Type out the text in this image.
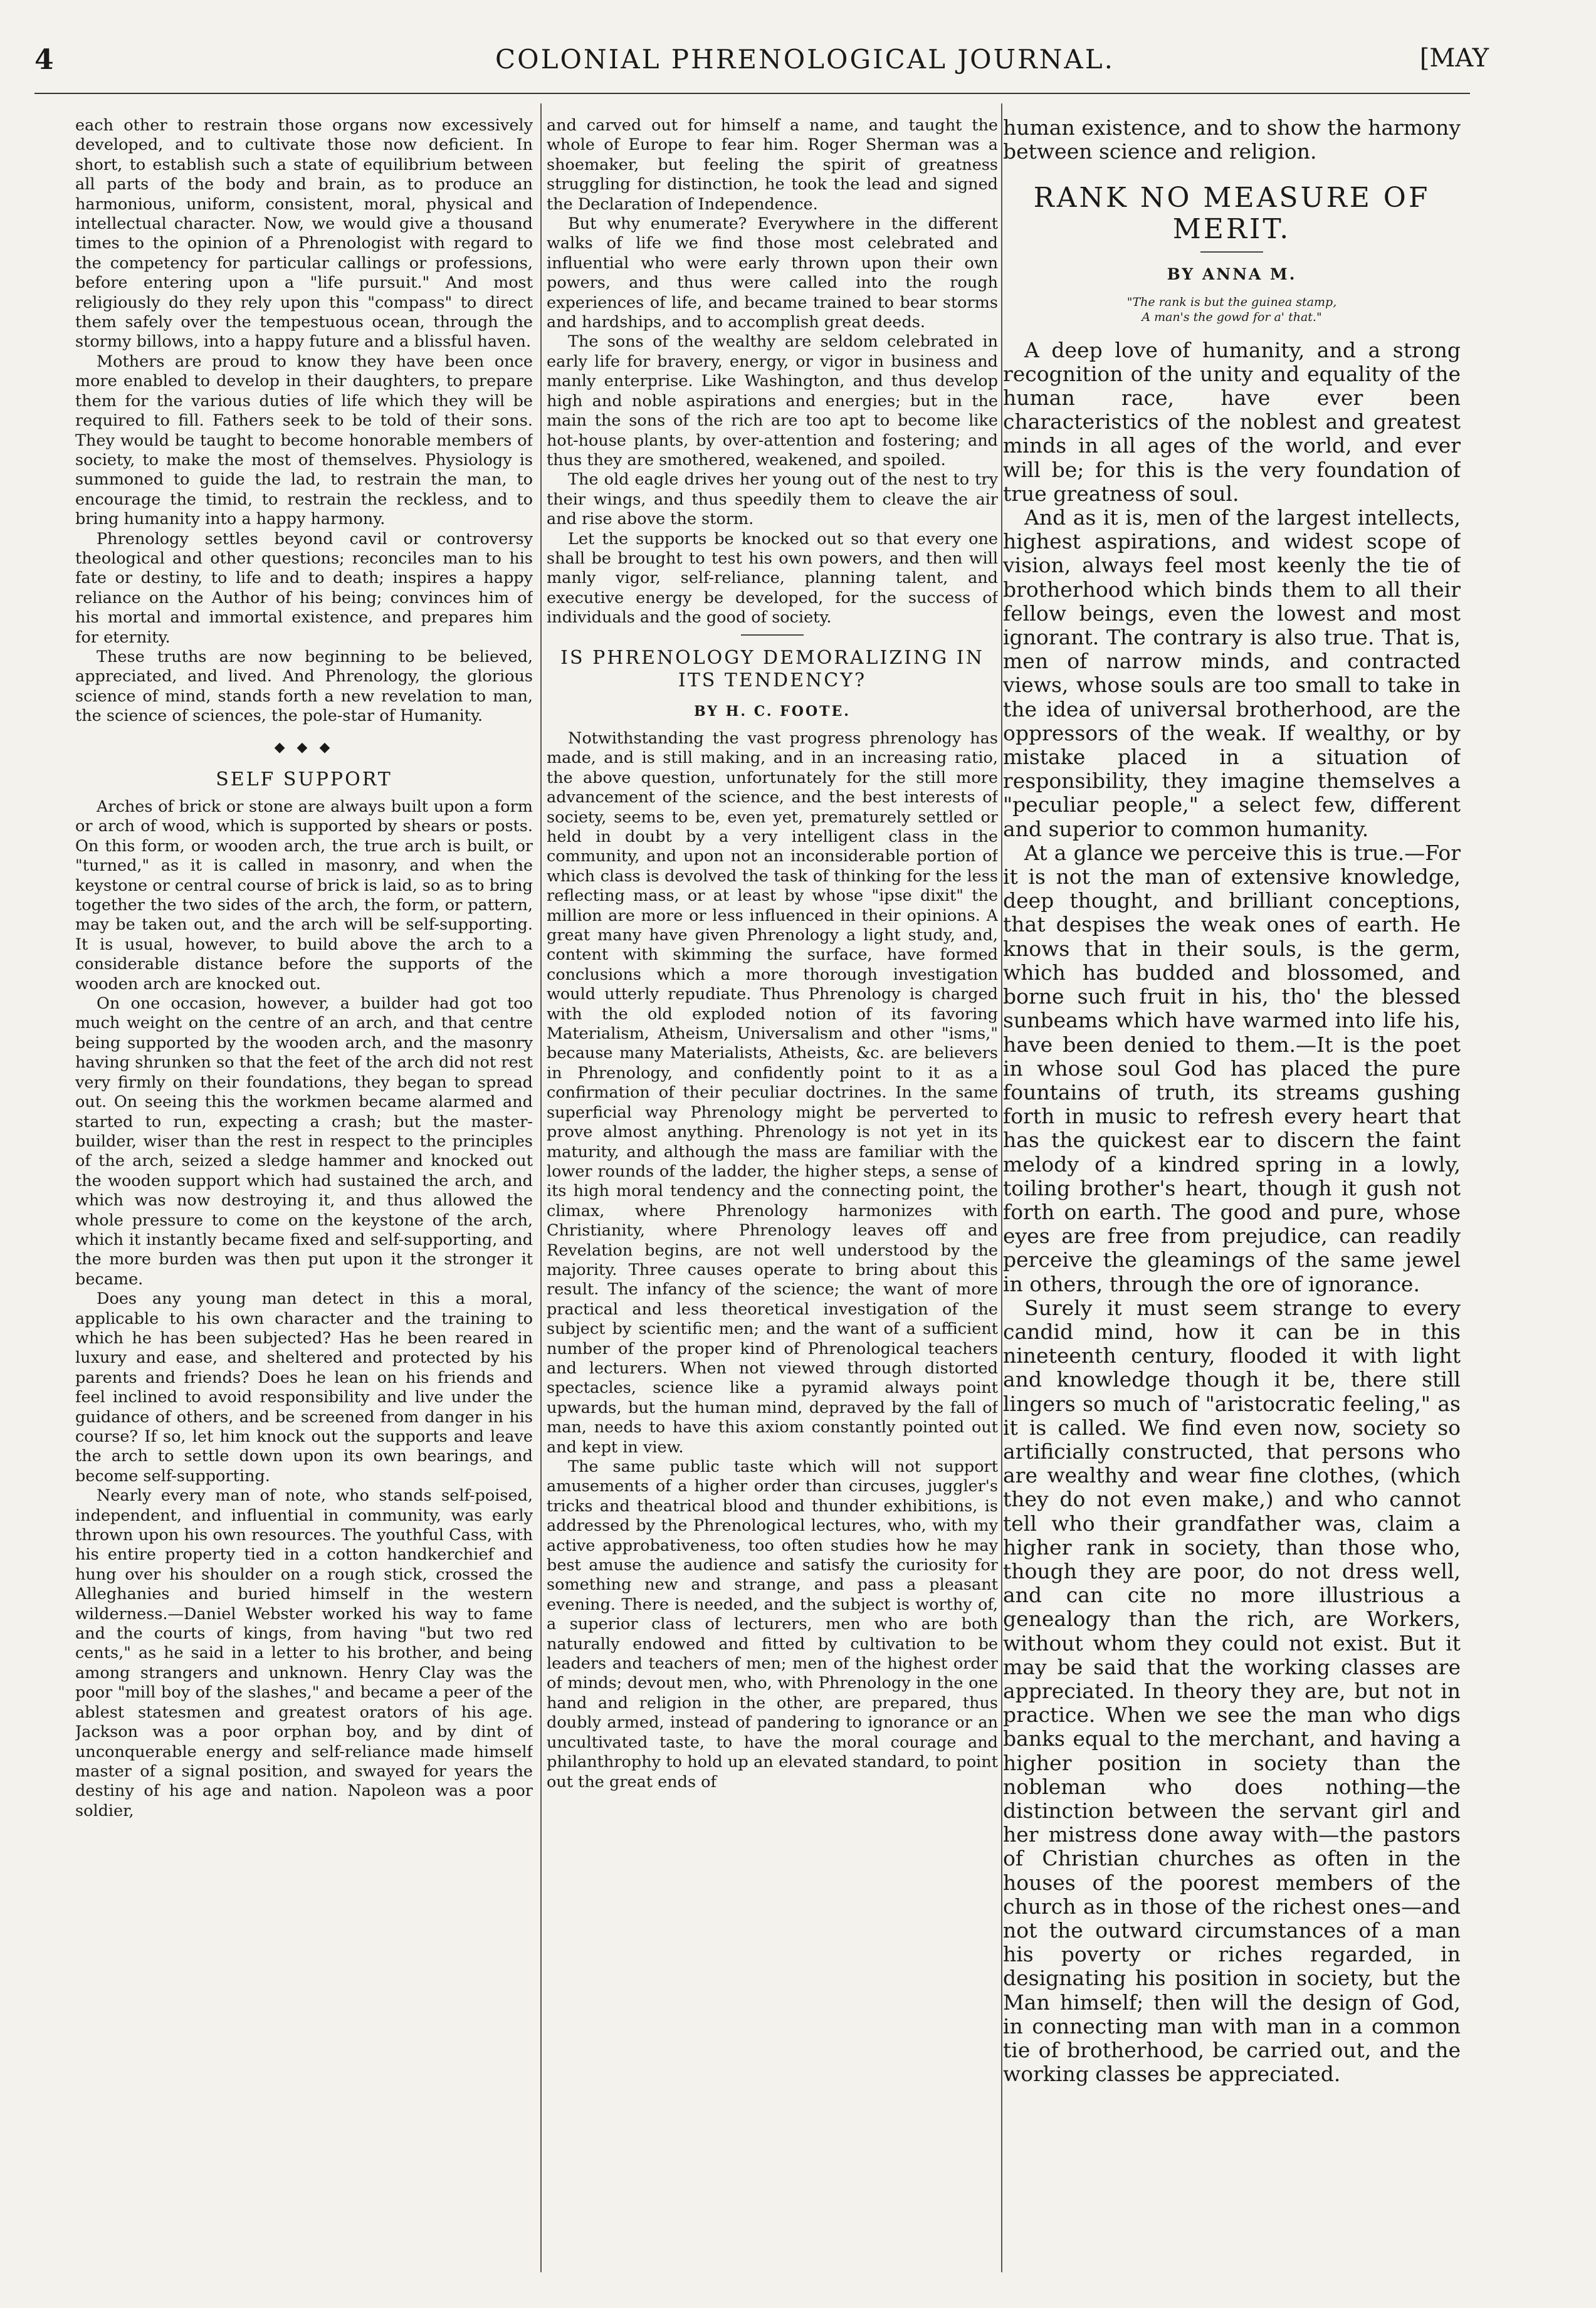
4	COLONIAL PHRENOLOGICAL JOURNAL.	[MAY

each other to restrain those organs now excessively developed, and to cultivate those now deficient. In short, to establish such a state of equilibrium between all parts of the body and brain, as to produce an harmonious, uniform, consistent, moral, physical and intellectual character. Now, we would give a thousand times to the opinion of a Phrenologist with regard to the competency for particular callings or professions, before entering upon a "life pursuit." And most religiously do they rely upon this "compass" to direct them safely over the tempestuous ocean, through the stormy billows, into a happy future and a blissful haven.

Mothers are proud to know they have been once more enabled to develop in their daughters, to prepare them for the various duties of life which they will be required to fill. Fathers seek to be told of their sons. They would be taught to become honorable members of society, to make the most of themselves. Physiology is summoned to guide the lad, to restrain the man, to encourage the timid, to restrain the reckless, and to bring humanity into a happy harmony.

Phrenology settles beyond cavil or controversy theological and other questions; reconciles man to his fate or destiny, to life and to death; inspires a happy reliance on the Author of his being; convinces him of his mortal and immortal existence, and prepares him for eternity.

These truths are now beginning to be believed, appreciated, and lived. And Phrenology, the glorious science of mind, stands forth a new revelation to man, the science of sciences, the pole-star of Humanity.

◆ ◆ ◆
SELF SUPPORT

Arches of brick or stone are always built upon a form or arch of wood, which is supported by shears or posts. On this form, or wooden arch, the true arch is built, or "turned," as it is called in masonry, and when the keystone or central course of brick is laid, so as to bring together the two sides of the arch, the form, or pattern, may be taken out, and the arch will be self-supporting. It is usual, however, to build above the arch to a considerable distance before the supports of the wooden arch are knocked out.

On one occasion, however, a builder had got too much weight on the centre of an arch, and that centre being supported by the wooden arch, and the masonry having shrunken so that the feet of the arch did not rest very firmly on their foundations, they began to spread out. On seeing this the workmen became alarmed and started to run, expecting a crash; but the master-builder, wiser than the rest in respect to the principles of the arch, seized a sledge hammer and knocked out the wooden support which had sustained the arch, and which was now destroying it, and thus allowed the whole pressure to come on the keystone of the arch, which it instantly became fixed and self-supporting, and the more burden was then put upon it the stronger it became.

Does any young man detect in this a moral, applicable to his own character and the training to which he has been subjected? Has he been reared in luxury and ease, and sheltered and protected by his parents and friends? Does he lean on his friends and feel inclined to avoid responsibility and live under the guidance of others, and be screened from danger in his course? If so, let him knock out the supports and leave the arch to settle down upon its own bearings, and become self-supporting.

Nearly every man of note, who stands self-poised, independent, and influential in community, was early thrown upon his own resources. The youthful Cass, with his entire property tied in a cotton handkerchief and hung over his shoulder on a rough stick, crossed the Alleghanies and buried himself in the western wilderness.—Daniel Webster worked his way to fame and the courts of kings, from having "but two red cents," as he said in a letter to his brother, and being among strangers and unknown. Henry Clay was the poor "mill boy of the slashes," and became a peer of the ablest statesmen and greatest orators of his age. Jackson was a poor orphan boy, and by dint of unconquerable energy and self-reliance made himself master of a signal position, and swayed for years the destiny of his age and nation. Napoleon was a poor soldier,

and carved out for himself a name, and taught the whole of Europe to fear him. Roger Sherman was a shoemaker, but feeling the spirit of greatness struggling for distinction, he took the lead and signed the Declaration of Independence.

But why enumerate? Everywhere in the different walks of life we find those most celebrated and influential who were early thrown upon their own powers, and thus were called into the rough experiences of life, and became trained to bear storms and hardships, and to accomplish great deeds.

The sons of the wealthy are seldom celebrated in early life for bravery, energy, or vigor in business and manly enterprise. Like Washington, and thus develop high and noble aspirations and energies; but in the main the sons of the rich are too apt to become like hot-house plants, by over-attention and fostering; and thus they are smothered, weakened, and spoiled.

The old eagle drives her young out of the nest to try their wings, and thus speedily them to cleave the air and rise above the storm.

Let the supports be knocked out so that every one shall be brought to test his own powers, and then will manly vigor, self-reliance, planning talent, and executive energy be developed, for the success of individuals and the good of society.

IS PHRENOLOGY DEMORALIZING IN ITS TENDENCY?
BY H. C. FOOTE.

Notwithstanding the vast progress phrenology has made, and is still making, and in an increasing ratio, the above question, unfortunately for the still more advancement of the science, and the best interests of society, seems to be, even yet, prematurely settled or held in doubt by a very intelligent class in the community, and upon not an inconsiderable portion of which class is devolved the task of thinking for the less reflecting mass, or at least by whose "ipse dixit" the million are more or less influenced in their opinions. A great many have given Phrenology a light study, and, content with skimming the surface, have formed conclusions which a more thorough investigation would utterly repudiate. Thus Phrenology is charged with the old exploded notion of its favoring Materialism, Atheism, Universalism and other "isms," because many Materialists, Atheists, &c. are believers in Phrenology, and confidently point to it as a confirmation of their peculiar doctrines. In the same superficial way Phrenology might be perverted to prove almost anything. Phrenology is not yet in its maturity, and although the mass are familiar with the lower rounds of the ladder, the higher steps, a sense of its high moral tendency and the connecting point, the climax, where Phrenology harmonizes with Christianity, where Phrenology leaves off and Revelation begins, are not well understood by the majority. Three causes operate to bring about this result. The infancy of the science; the want of more practical and less theoretical investigation of the subject by scientific men; and the want of a sufficient number of the proper kind of Phrenological teachers and lecturers. When not viewed through distorted spectacles, science like a pyramid always point upwards, but the human mind, depraved by the fall of man, needs to have this axiom constantly pointed out and kept in view.

The same public taste which will not support amusements of a higher order than circuses, juggler's tricks and theatrical blood and thunder exhibitions, is addressed by the Phrenological lectures, who, with my active approbativeness, too often studies how he may best amuse the audience and satisfy the curiosity for something new and strange, and pass a pleasant evening. There is needed, and the subject is worthy of, a superior class of lecturers, men who are both naturally endowed and fitted by cultivation to be leaders and teachers of men; men of the highest order of minds; devout men, who, with Phrenology in the one hand and religion in the other, are prepared, thus doubly armed, instead of pandering to ignorance or an uncultivated taste, to have the moral courage and philanthrophy to hold up an elevated standard, to point out the great ends of

human existence, and to show the harmony between science and religion.

RANK NO MEASURE OF MERIT.
BY ANNA M.
"The rank is but the guinea stamp,
A man's the gowd for a' that."

A deep love of humanity, and a strong recognition of the unity and equality of the human race, have ever been characteristics of the noblest and greatest minds in all ages of the world, and ever will be; for this is the very foundation of true greatness of soul.

And as it is, men of the largest intellects, highest aspirations, and widest scope of vision, always feel most keenly the tie of brotherhood which binds them to all their fellow beings, even the lowest and most ignorant. The contrary is also true. That is, men of narrow minds, and contracted views, whose souls are too small to take in the idea of universal brotherhood, are the oppressors of the weak. If wealthy, or by mistake placed in a situation of responsibility, they imagine themselves a "peculiar people," a select few, different and superior to common humanity.

At a glance we perceive this is true.—For it is not the man of extensive knowledge, deep thought, and brilliant conceptions, that despises the weak ones of earth. He knows that in their souls, is the germ, which has budded and blossomed, and borne such fruit in his, tho' the blessed sunbeams which have warmed into life his, have been denied to them.—It is the poet in whose soul God has placed the pure fountains of truth, its streams gushing forth in music to refresh every heart that has the quickest ear to discern the faint melody of a kindred spring in a lowly, toiling brother's heart, though it gush not forth on earth. The good and pure, whose eyes are free from prejudice, can readily perceive the gleamings of the same jewel in others, through the ore of ignorance.

Surely it must seem strange to every candid mind, how it can be in this nineteenth century, flooded it with light and knowledge though it be, there still lingers so much of "aristocratic feeling," as it is called. We find even now, society so artificially constructed, that persons who are wealthy and wear fine clothes, (which they do not even make,) and who cannot tell who their grandfather was, claim a higher rank in society, than those who, though they are poor, do not dress well, and can cite no more illustrious a genealogy than the rich, are Workers, without whom they could not exist. But it may be said that the working classes are appreciated. In theory they are, but not in practice. When we see the man who digs banks equal to the merchant, and having a higher position in society than the nobleman who does nothing—the distinction between the servant girl and her mistress done away with—the pastors of Christian churches as often in the houses of the poorest members of the church as in those of the richest ones—and not the outward circumstances of a man his poverty or riches regarded, in designating his position in society, but the Man himself; then will the design of God, in connecting man with man in a common tie of brotherhood, be carried out, and the working classes be appreciated.
